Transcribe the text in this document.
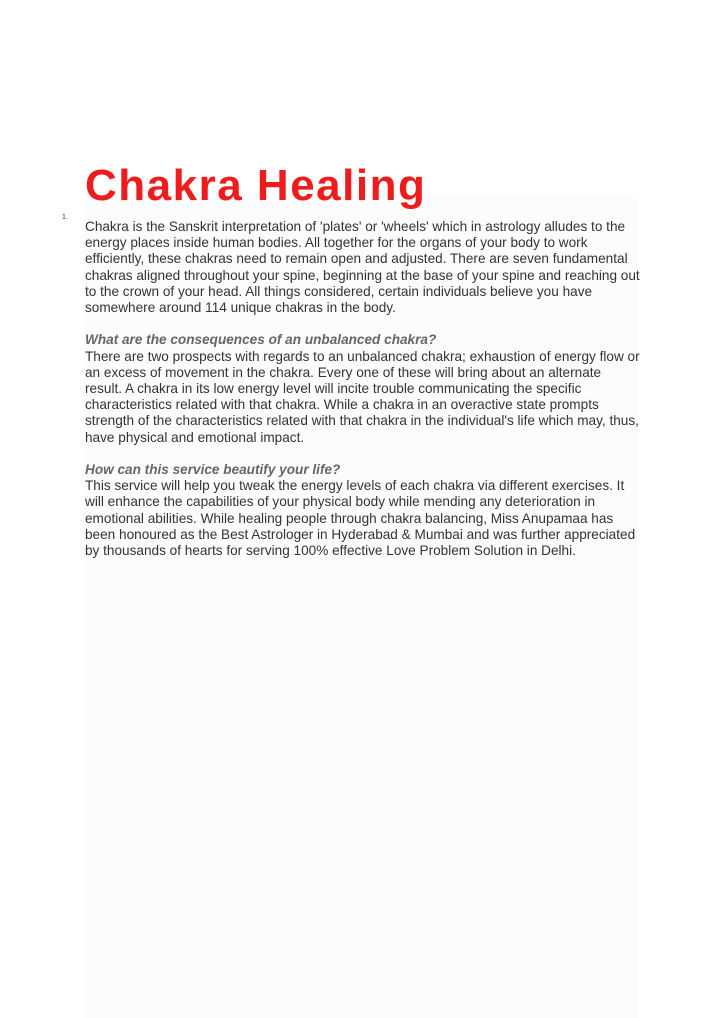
1.
Chakra Healing

Chakra is the Sanskrit interpretation of 'plates' or 'wheels' which in astrology alludes to the energy places inside human bodies. All together for the organs of your body to work efficiently, these chakras need to remain open and adjusted. There are seven fundamental chakras aligned throughout your spine, beginning at the base of your spine and reaching out to the crown of your head. All things considered, certain individuals believe you have somewhere around 114 unique chakras in the body.

What are the consequences of an unbalanced chakra?

There are two prospects with regards to an unbalanced chakra; exhaustion of energy flow or an excess of movement in the chakra. Every one of these will bring about an alternate result. A chakra in its low energy level will incite trouble communicating the specific characteristics related with that chakra. While a chakra in an overactive state prompts strength of the characteristics related with that chakra in the individual's life which may, thus, have physical and emotional impact.

How can this service beautify your life?

This service will help you tweak the energy levels of each chakra via different exercises. It will enhance the capabilities of your physical body while mending any deterioration in emotional abilities. While healing people through chakra balancing, Miss Anupamaa has been honoured as the Best Astrologer in Hyderabad & Mumbai and was further appreciated by thousands of hearts for serving 100% effective Love Problem Solution in Delhi.
